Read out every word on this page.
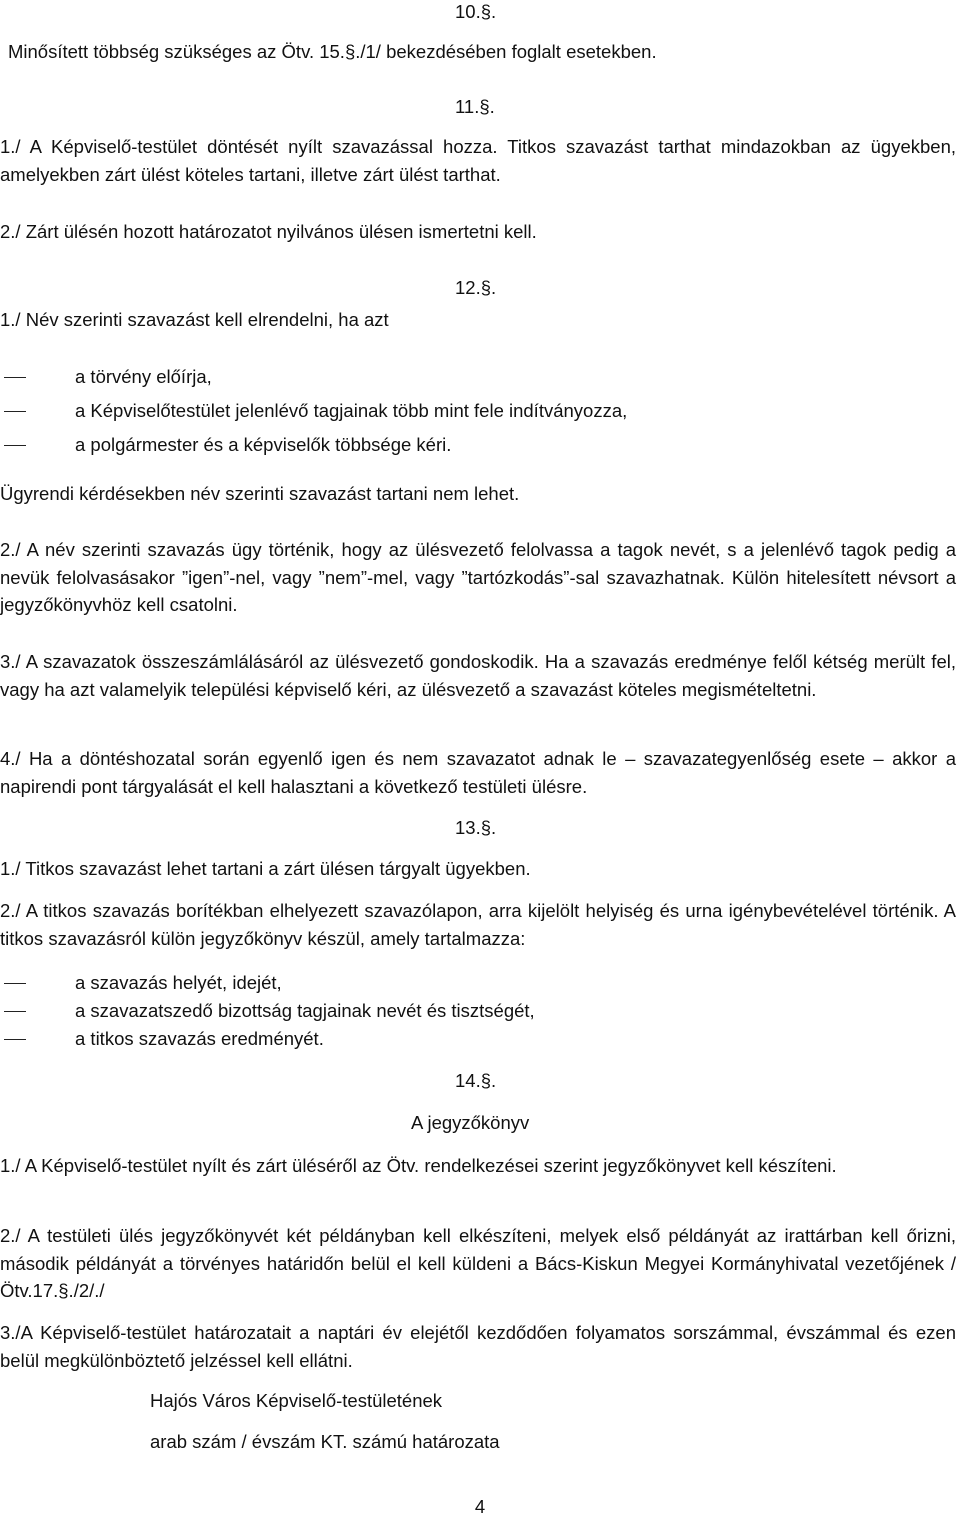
10.§.

Minősített többség szükséges az Ötv. 15.§./1/ bekezdésében foglalt esetekben.

11.§.

1./ A Képviselő-testület döntését nyílt szavazással hozza. Titkos szavazást tarthat mindazokban az ügyekben, amelyekben zárt ülést köteles tartani, illetve zárt ülést tarthat.

2./ Zárt ülésén hozott határozatot nyilvános ülésen ismertetni kell.

12.§.

1./ Név szerinti szavazást kell elrendelni, ha azt

a törvény előírja,

a Képviselőtestület jelenlévő tagjainak több mint fele indítványozza,

a polgármester és a képviselők többsége kéri.

Ügyrendi kérdésekben név szerinti szavazást tartani nem lehet.

2./ A név szerinti szavazás ügy történik, hogy az ülésvezető felolvassa a tagok nevét, s a jelenlévő tagok pedig a nevük felolvasásakor ”igen”-nel, vagy ”nem”-mel, vagy ”tartózkodás”-sal szavazhatnak. Külön hitelesített névsort a jegyzőkönyvhöz kell csatolni.

3./ A szavazatok összeszámlálásáról az ülésvezető gondoskodik. Ha a szavazás eredménye felől kétség merült fel, vagy ha azt valamelyik települési képviselő kéri, az ülésvezető a szavazást köteles megismételtetni.

4./ Ha a döntéshozatal során egyenlő igen és nem szavazatot adnak le – szavazategyenlőség esete – akkor a napirendi pont tárgyalását el kell halasztani a következő testületi ülésre.

13.§.

1./ Titkos szavazást lehet tartani a zárt ülésen tárgyalt ügyekben.

2./ A titkos szavazás borítékban elhelyezett szavazólapon, arra kijelölt helyiség és urna igénybevételével történik. A titkos szavazásról külön jegyzőkönyv készül, amely tartalmazza:

a szavazás helyét, idejét,

a szavazatszedő bizottság tagjainak nevét és tisztségét,

a titkos szavazás eredményét.

14.§.

A jegyzőkönyv

1./ A Képviselő-testület nyílt és zárt üléséről az Ötv. rendelkezései szerint jegyzőkönyvet kell készíteni.

2./ A testületi ülés jegyzőkönyvét két példányban kell elkészíteni, melyek első példányát az irattárban kell őrizni, második példányát a törvényes határidőn belül el kell küldeni a Bács-Kiskun Megyei Kormányhivatal vezetőjének /Ötv.17.§./2/./

3./A Képviselő-testület határozatait a naptári év elejétől kezdődően folyamatos sorszámmal, évszámmal és ezen belül megkülönböztető jelzéssel kell ellátni.

Hajós Város Képviselő-testületének

arab szám / évszám KT. számú határozata

4
